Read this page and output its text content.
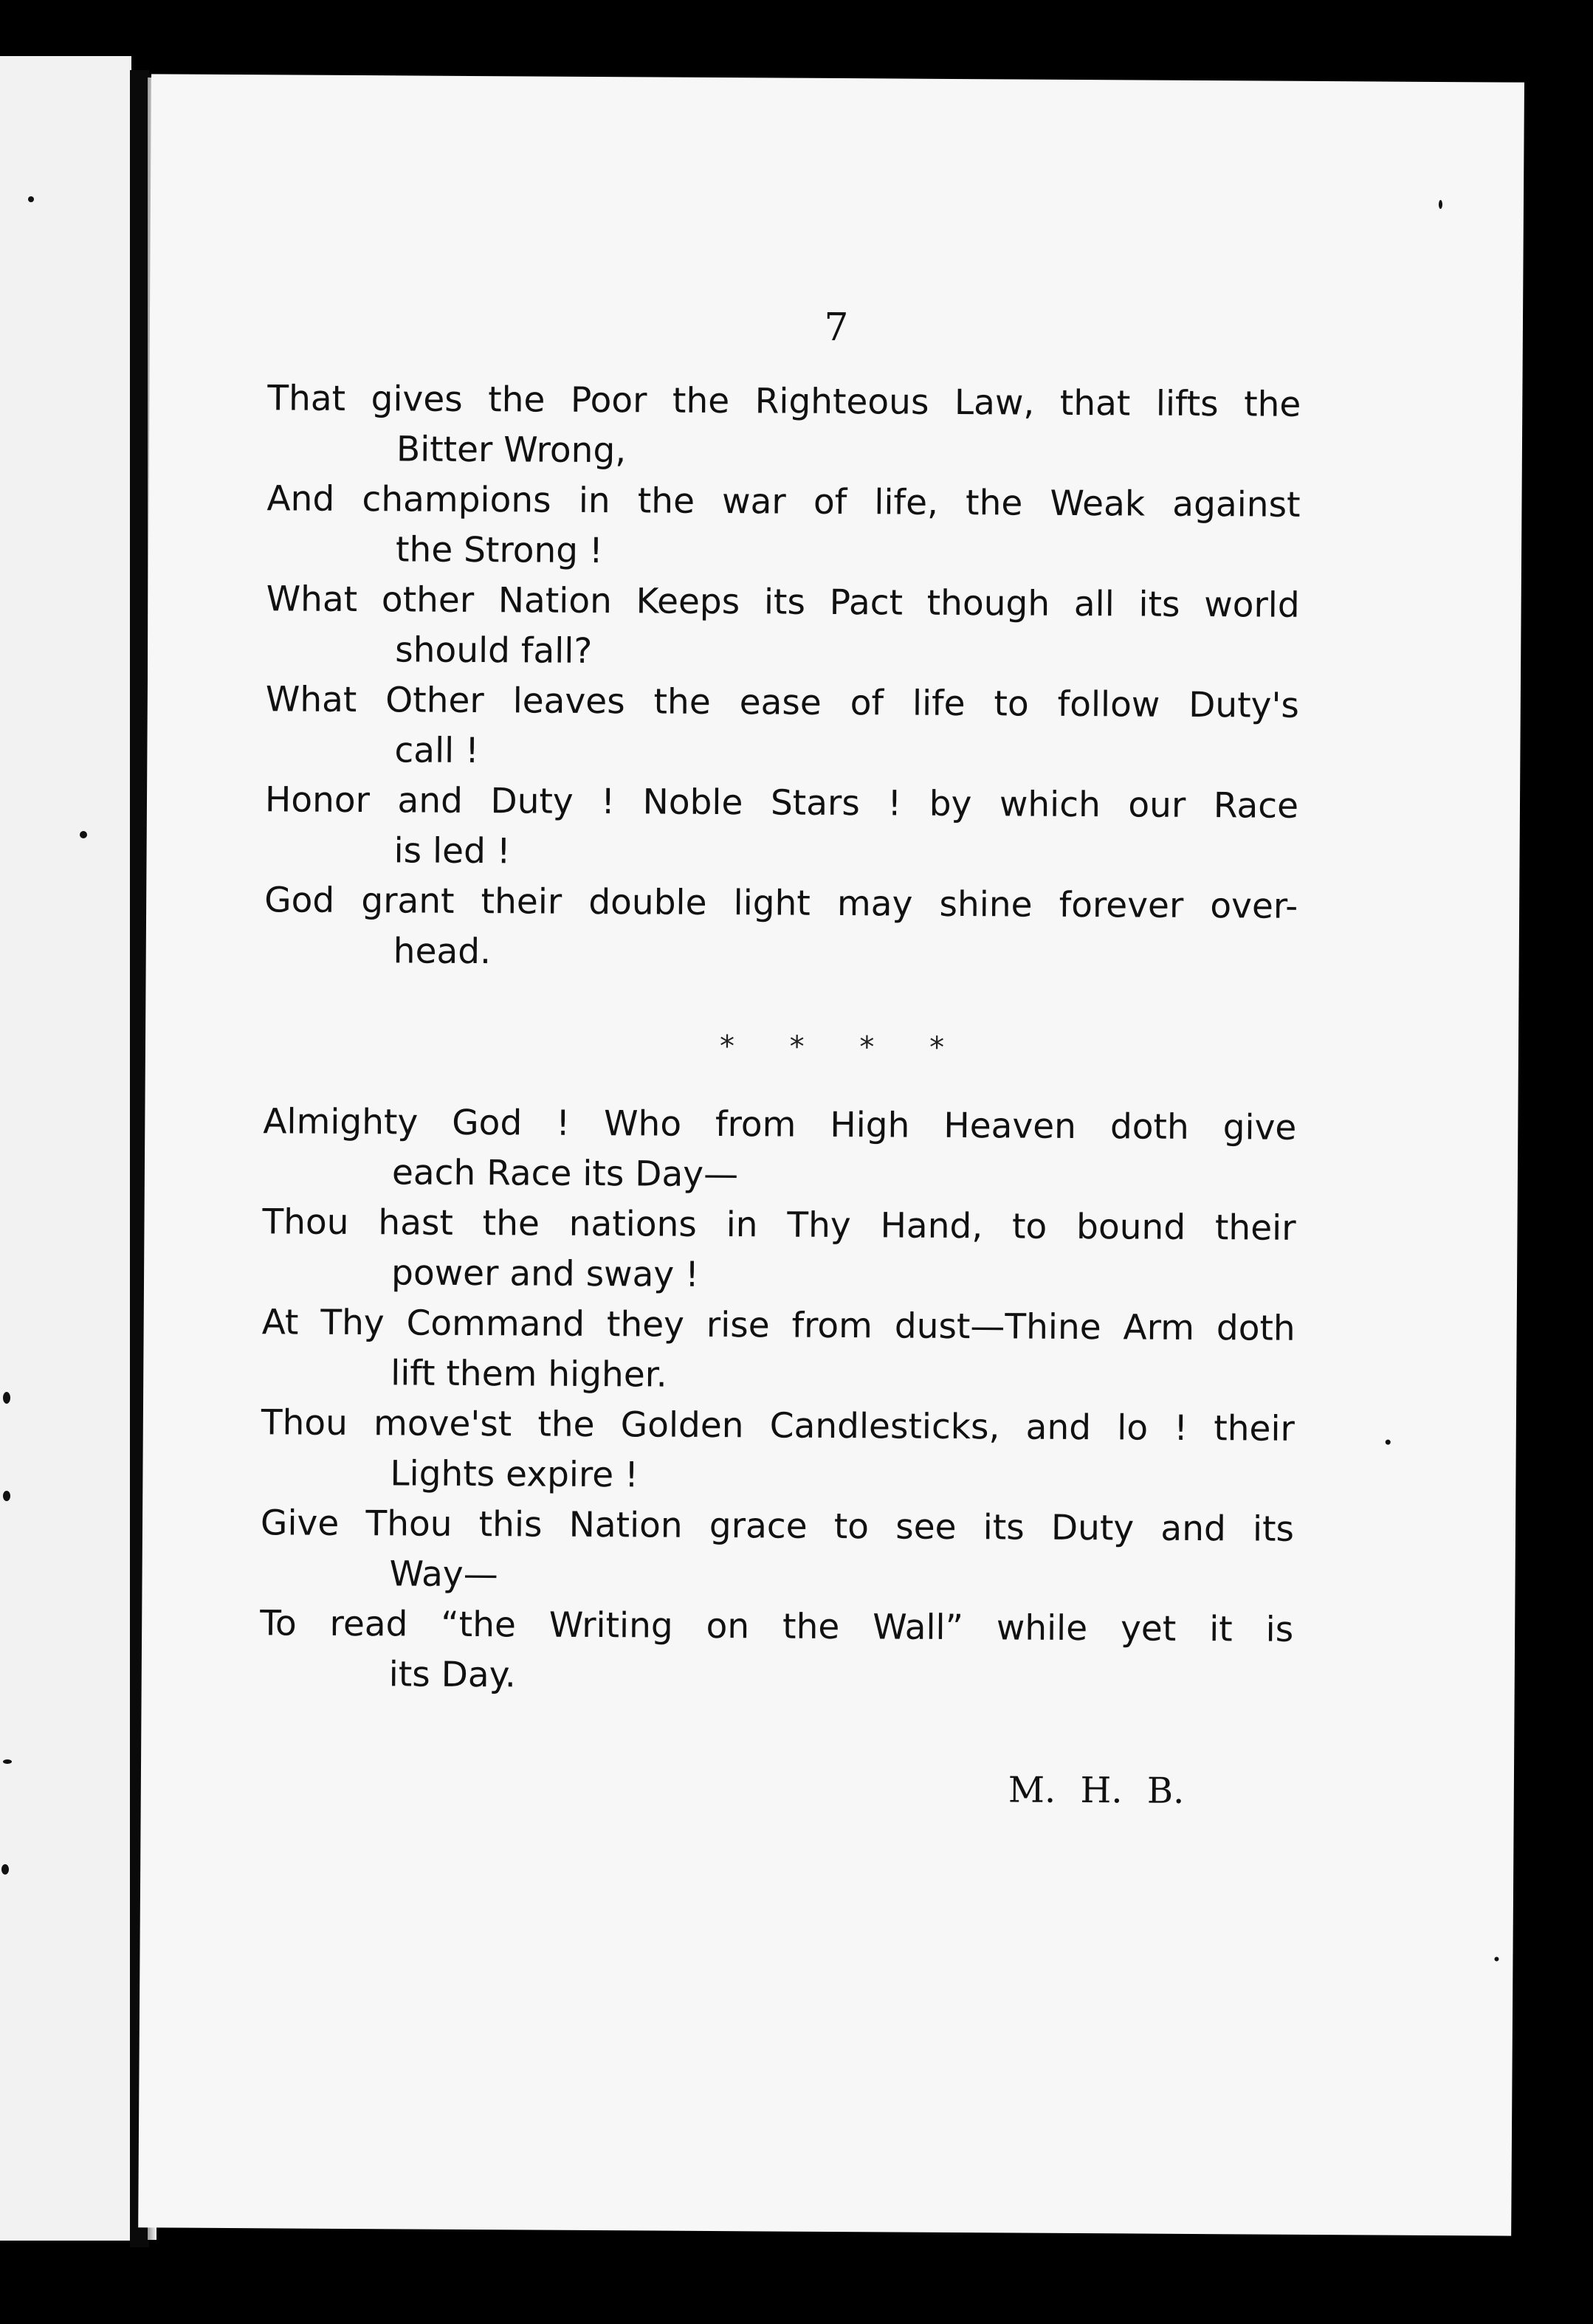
7
That gives the Poor the Righteous Law, that lifts the
Bitter Wrong,
And champions in the war of life, the Weak against
the Strong !
What other Nation Keeps its Pact though all its world
should fall?
What Other leaves the ease of life to follow Duty's
call !
Honor and Duty ! Noble Stars ! by which our Race
is led !
God grant their double light may shine forever over-
head.
* * * *
Almighty God ! Who from High Heaven doth give
each Race its Day—
Thou hast the nations in Thy Hand, to bound their
power and sway !
At Thy Command they rise from dust—Thine Arm doth
lift them higher.
Thou move'st the Golden Candlesticks, and lo ! their
Lights expire !
Give Thou this Nation grace to see its Duty and its
Way—
To read “the Writing on the Wall” while yet it is
its Day.
M. H. B.
